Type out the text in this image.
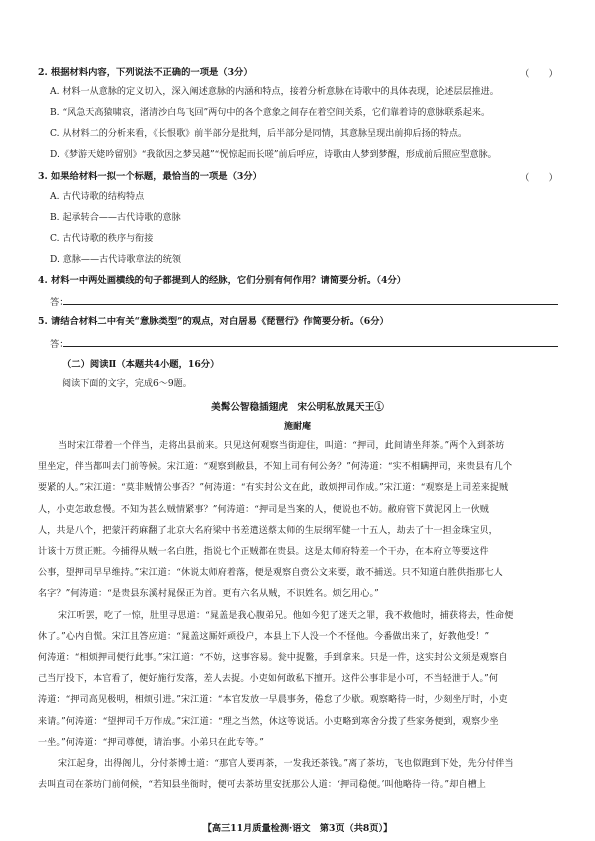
2. 根据材料内容，下列说法不正确的一项是（3分）	（　　）
A. 材料一从意脉的定义切入，深入阐述意脉的内涵和特点，接着分析意脉在诗歌中的具体表现，论述层层推进。
B. “风急天高猿啸哀，渚清沙白鸟飞回”两句中的各个意象之间存在着空间关系，它们靠着诗的意脉联系起来。
C. 从材料二的分析来看，《长恨歌》前半部分是批判，后半部分是同情，其意脉呈现出前抑后扬的特点。
D.《梦游天姥吟留别》“我欲因之梦吴越”“怳惊起而长嗟”前后呼应，诗歌由人梦到梦醒，形成前后照应型意脉。
3. 如果给材料一拟一个标题，最恰当的一项是（3分）	（　　）
A. 古代诗歌的结构特点
B. 起承转合——古代诗歌的意脉
C. 古代诗歌的秩序与衔接
D. 意脉——古代诗歌章法的统领
4. 材料一中两处画横线的句子都提到人的经脉，它们分别有何作用？请简要分析。（4分）
答：
5. 请结合材料二中有关“意脉类型”的观点，对白居易《琵琶行》作简要分析。（6分）
答：
（二）阅读Ⅱ（本题共4小题，16分）
阅读下面的文字，完成6～9题。
美髯公智稳插翅虎　宋公明私放晁天王①
施耐庵
当时宋江带着一个伴当，走将出县前来。只见这何观察当街迎住，叫道：“押司，此间请坐拜茶。”两个入到茶坊
里坐定，伴当都叫去门前等候。宋江道：“观察到敝县，不知上司有何公务？”何涛道：“实不相瞒押司，来贵县有几个
要紧的人。”宋江道：“莫非贼情公事否？”何涛道：“有实封公文在此，敢烦押司作成。”宋江道：“观察是上司差来捉贼
人，小吏怎敢怠慢。不知为甚么贼情紧事？”何涛道：“押司是当案的人，便说也不妨。敝府管下黄泥冈上一伙贼
人，共是八个，把蒙汗药麻翻了北京大名府梁中书差遣送蔡太师的生辰纲军健一十五人，劫去了十一担金珠宝贝，
计该十万贯正赃。今捕得从贼一名白胜，指说七个正贼都在贵县。这是太师府特差一个干办，在本府立等要这件
公事，望押司早早维持。”宋江道：“休说太师府着落，便是观察自赍公文来要，敢不捕送。只不知道白胜供指那七人
名字？”何涛道：“是贵县东溪村晁保正为首。更有六名从贼，不识姓名。烦乞用心。”
宋江听罢，吃了一惊，肚里寻思道：“晁盖是我心腹弟兄。他如今犯了迷天之罪，我不救他时，捕获将去，性命便
休了。”心内自慌。宋江且答应道：“晁盖这厮奸顽役户，本县上下人没一个不怪他。今番做出来了，好教他受！”
何涛道：“相烦押司便行此事。”宋江道：“不妨，这事容易。瓮中捉鳖，手到拿来。只是一件，这实封公文须是观察自
己当厅投下，本官看了，便好施行发落，差人去捉。小吏如何敢私下擅开。这件公事非是小可，不当轻泄于人。”何
涛道：“押司高见极明，相烦引进。”宋江道：“本官发放一早晨事务，倦怠了少歇。观察略待一时，少刻坐厅时，小吏
来请。”何涛道：“望押司千万作成。”宋江道：“理之当然，休这等说话。小吏略到寒舍分拨了些家务便到，观察少坐
一坐。”何涛道：“押司尊便，请治事。小弟只在此专等。”
宋江起身，出得阁儿，分付茶博士道：“那官人要再茶，一发我还茶钱。”离了茶坊，飞也似跑到下处，先分付伴当
去叫直司在茶坊门前伺候，“若知县坐衙时，便可去茶坊里安抚那公人道：‘押司稳便。’叫他略待一待。”却自槽上
【高三11月质量检测·语文　第3页（共8页）】
